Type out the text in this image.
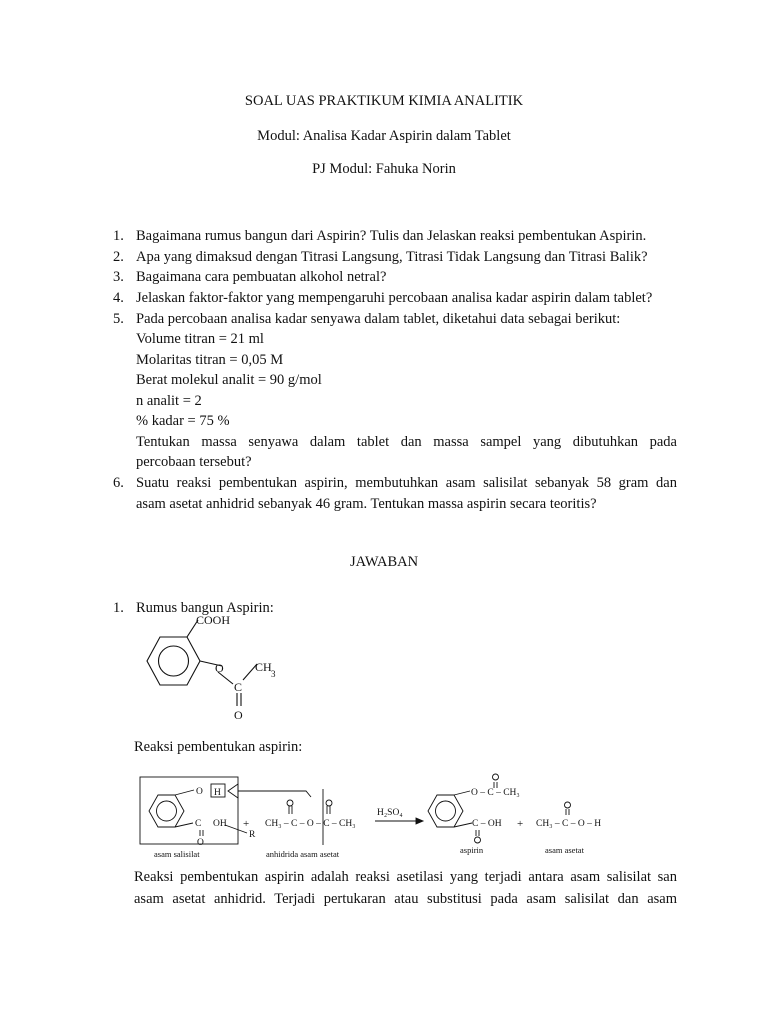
SOAL UAS PRAKTIKUM KIMIA ANALITIK
Modul: Analisa Kadar Aspirin dalam Tablet
PJ Modul: Fahuka Norin
1. Bagaimana rumus bangun dari Aspirin? Tulis dan Jelaskan reaksi pembentukan Aspirin.
2. Apa yang dimaksud dengan Titrasi Langsung, Titrasi Tidak Langsung dan Titrasi Balik?
3. Bagaimana cara pembuatan alkohol netral?
4. Jelaskan faktor-faktor yang mempengaruhi percobaan analisa kadar aspirin dalam tablet?
5. Pada percobaan analisa kadar senyawa dalam tablet, diketahui data sebagai berikut:
Volume titran = 21 ml
Molaritas titran = 0,05 M
Berat molekul analit = 90 g/mol
n analit = 2
% kadar = 75 %
Tentukan massa senyawa dalam tablet dan massa sampel yang dibutuhkan pada
percobaan tersebut?
6. Suatu reaksi pembentukan aspirin, membutuhkan asam salisilat sebanyak 58 gram dan
asam asetat anhidrid sebanyak 46 gram. Tentukan massa aspirin secara teoritis?
JAWABAN
1. Rumus bangun Aspirin:
COOH
O	CH 3
C
O
Reaksi pembentukan aspirin:
O H
C OH
O
R
+ CH₃ – C – O – C – CH₃
H₂SO₄
O – C – CH₃
C – OH + CH₃ – C – O – H
asam salisilat	anhidrida asam asetat	aspirin	asam asetat
Reaksi pembentukan aspirin adalah reaksi asetilasi yang terjadi antara asam salisilat san
asam asetat anhidrid. Terjadi pertukaran atau substitusi pada asam salisilat dan asam
